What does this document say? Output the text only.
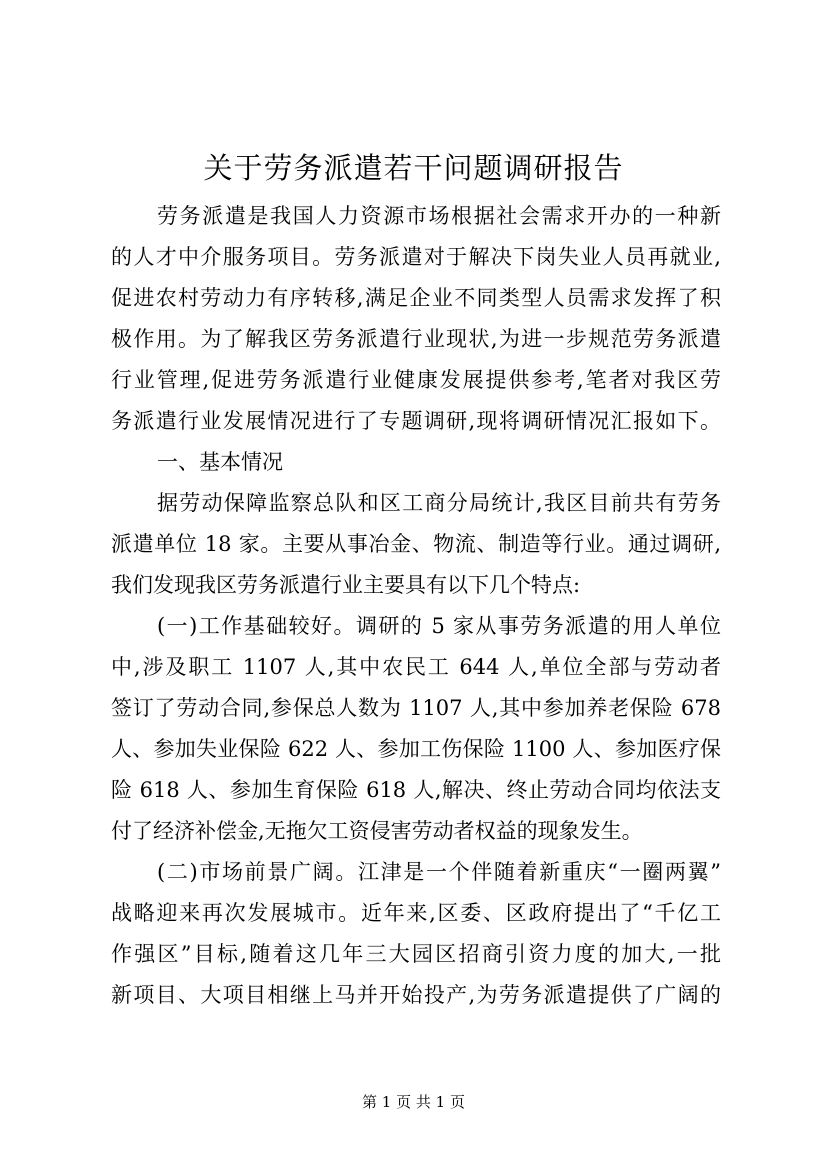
关于劳务派遣若干问题调研报告
劳务派遣是我国人力资源市场根据社会需求开办的一种新
的人才中介服务项目。劳务派遣对于解决下岗失业人员再就业,
促进农村劳动力有序转移,满足企业不同类型人员需求发挥了积
极作用。为了解我区劳务派遣行业现状,为进一步规范劳务派遣
行业管理,促进劳务派遣行业健康发展提供参考,笔者对我区劳
务派遣行业发展情况进行了专题调研,现将调研情况汇报如下。
一、基本情况
据劳动保障监察总队和区工商分局统计,我区目前共有劳务
派遣单位 18 家。主要从事冶金、物流、制造等行业。通过调研,
我们发现我区劳务派遣行业主要具有以下几个特点:
(一)工作基础较好。调研的 5 家从事劳务派遣的用人单位
中,涉及职工 1107 人,其中农民工 644 人,单位全部与劳动者
签订了劳动合同,参保总人数为 1107 人,其中参加养老保险 678
人、参加失业保险 622 人、参加工伤保险 1100 人、参加医疗保
险 618 人、参加生育保险 618 人,解决、终止劳动合同均依法支
付了经济补偿金,无拖欠工资侵害劳动者权益的现象发生。
(二)市场前景广阔。江津是一个伴随着新重庆“一圈两翼”
战略迎来再次发展城市。近年来,区委、区政府提出了“千亿工
作强区”目标,随着这几年三大园区招商引资力度的加大,一批
新项目、大项目相继上马并开始投产,为劳务派遣提供了广阔的
第 1 页 共 1 页
